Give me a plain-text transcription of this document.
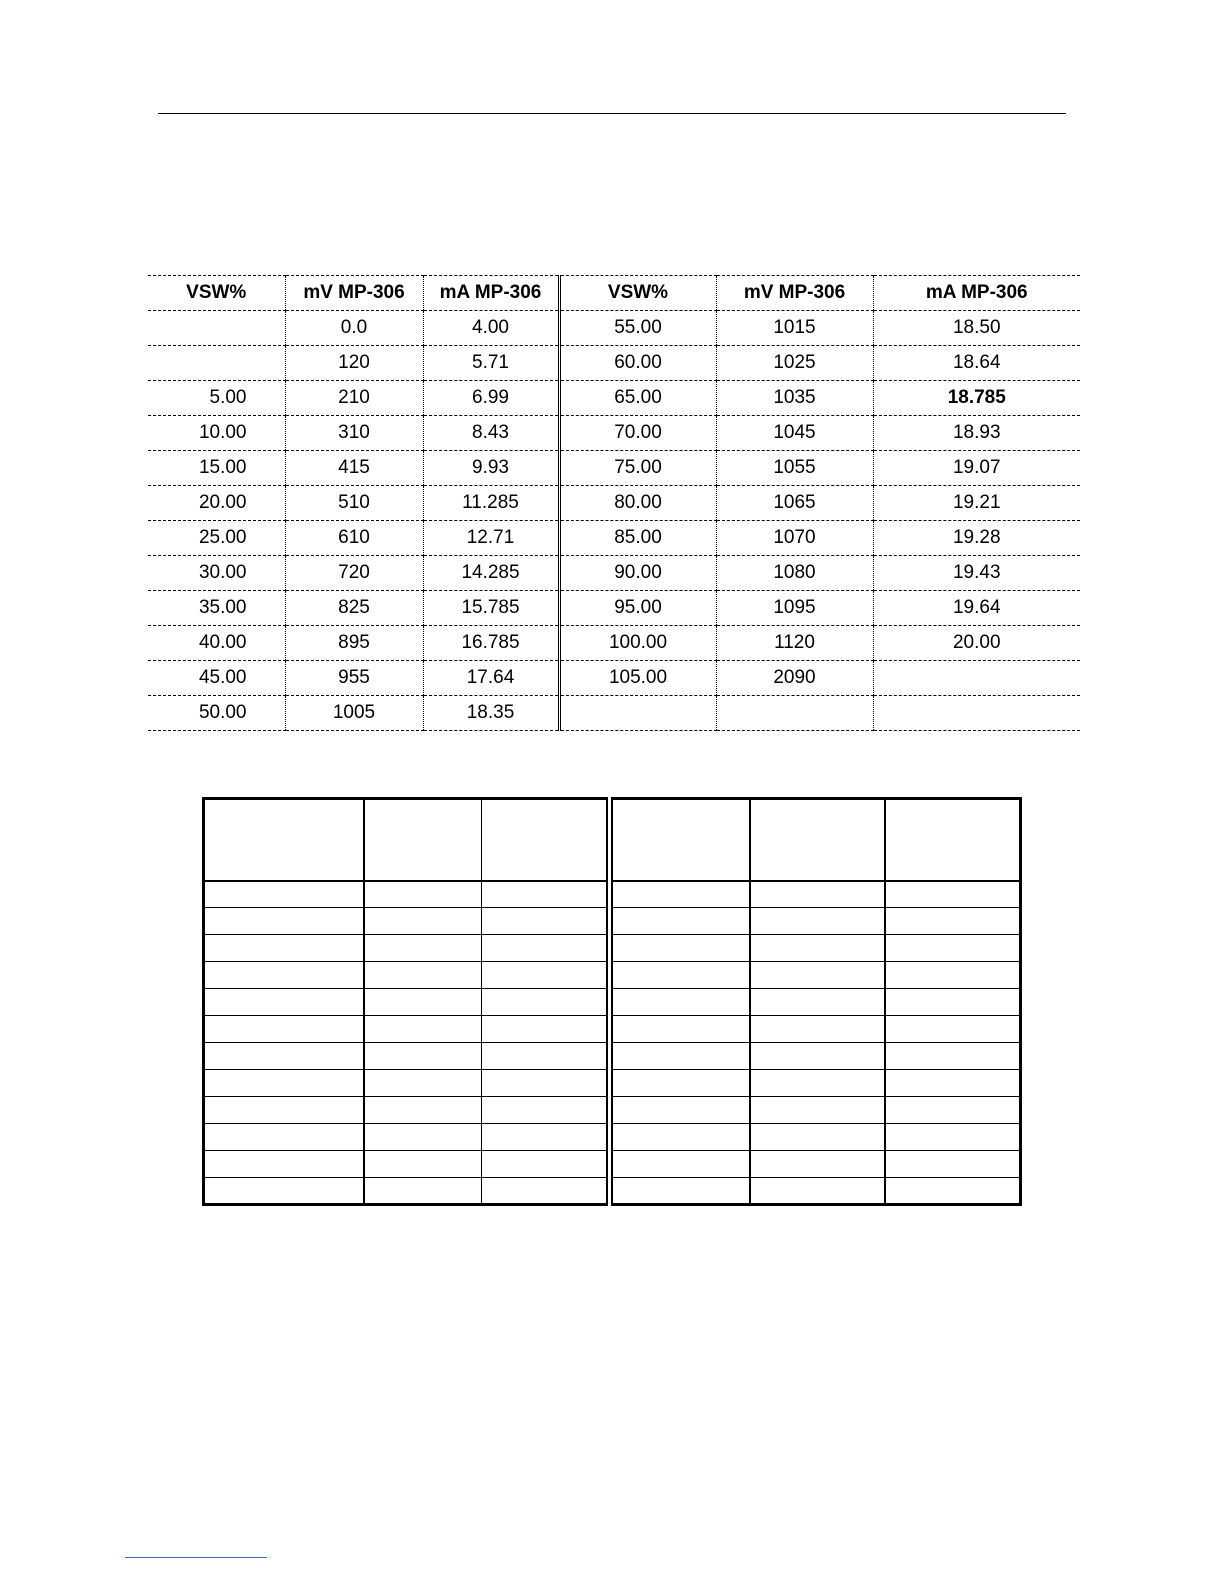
VSW%	mV MP-306	mA MP-306	VSW%	mV MP-306	mA MP-306
	0.0	4.00	55.00	1015	18.50
	120	5.71	60.00	1025	18.64
5.00	210	6.99	65.00	1035	18.785
10.00	310	8.43	70.00	1045	18.93
15.00	415	9.93	75.00	1055	19.07
20.00	510	11.285	80.00	1065	19.21
25.00	610	12.71	85.00	1070	19.28
30.00	720	14.285	90.00	1080	19.43
35.00	825	15.785	95.00	1095	19.64
40.00	895	16.785	100.00	1120	20.00
45.00	955	17.64	105.00	2090	
50.00	1005	18.35			
